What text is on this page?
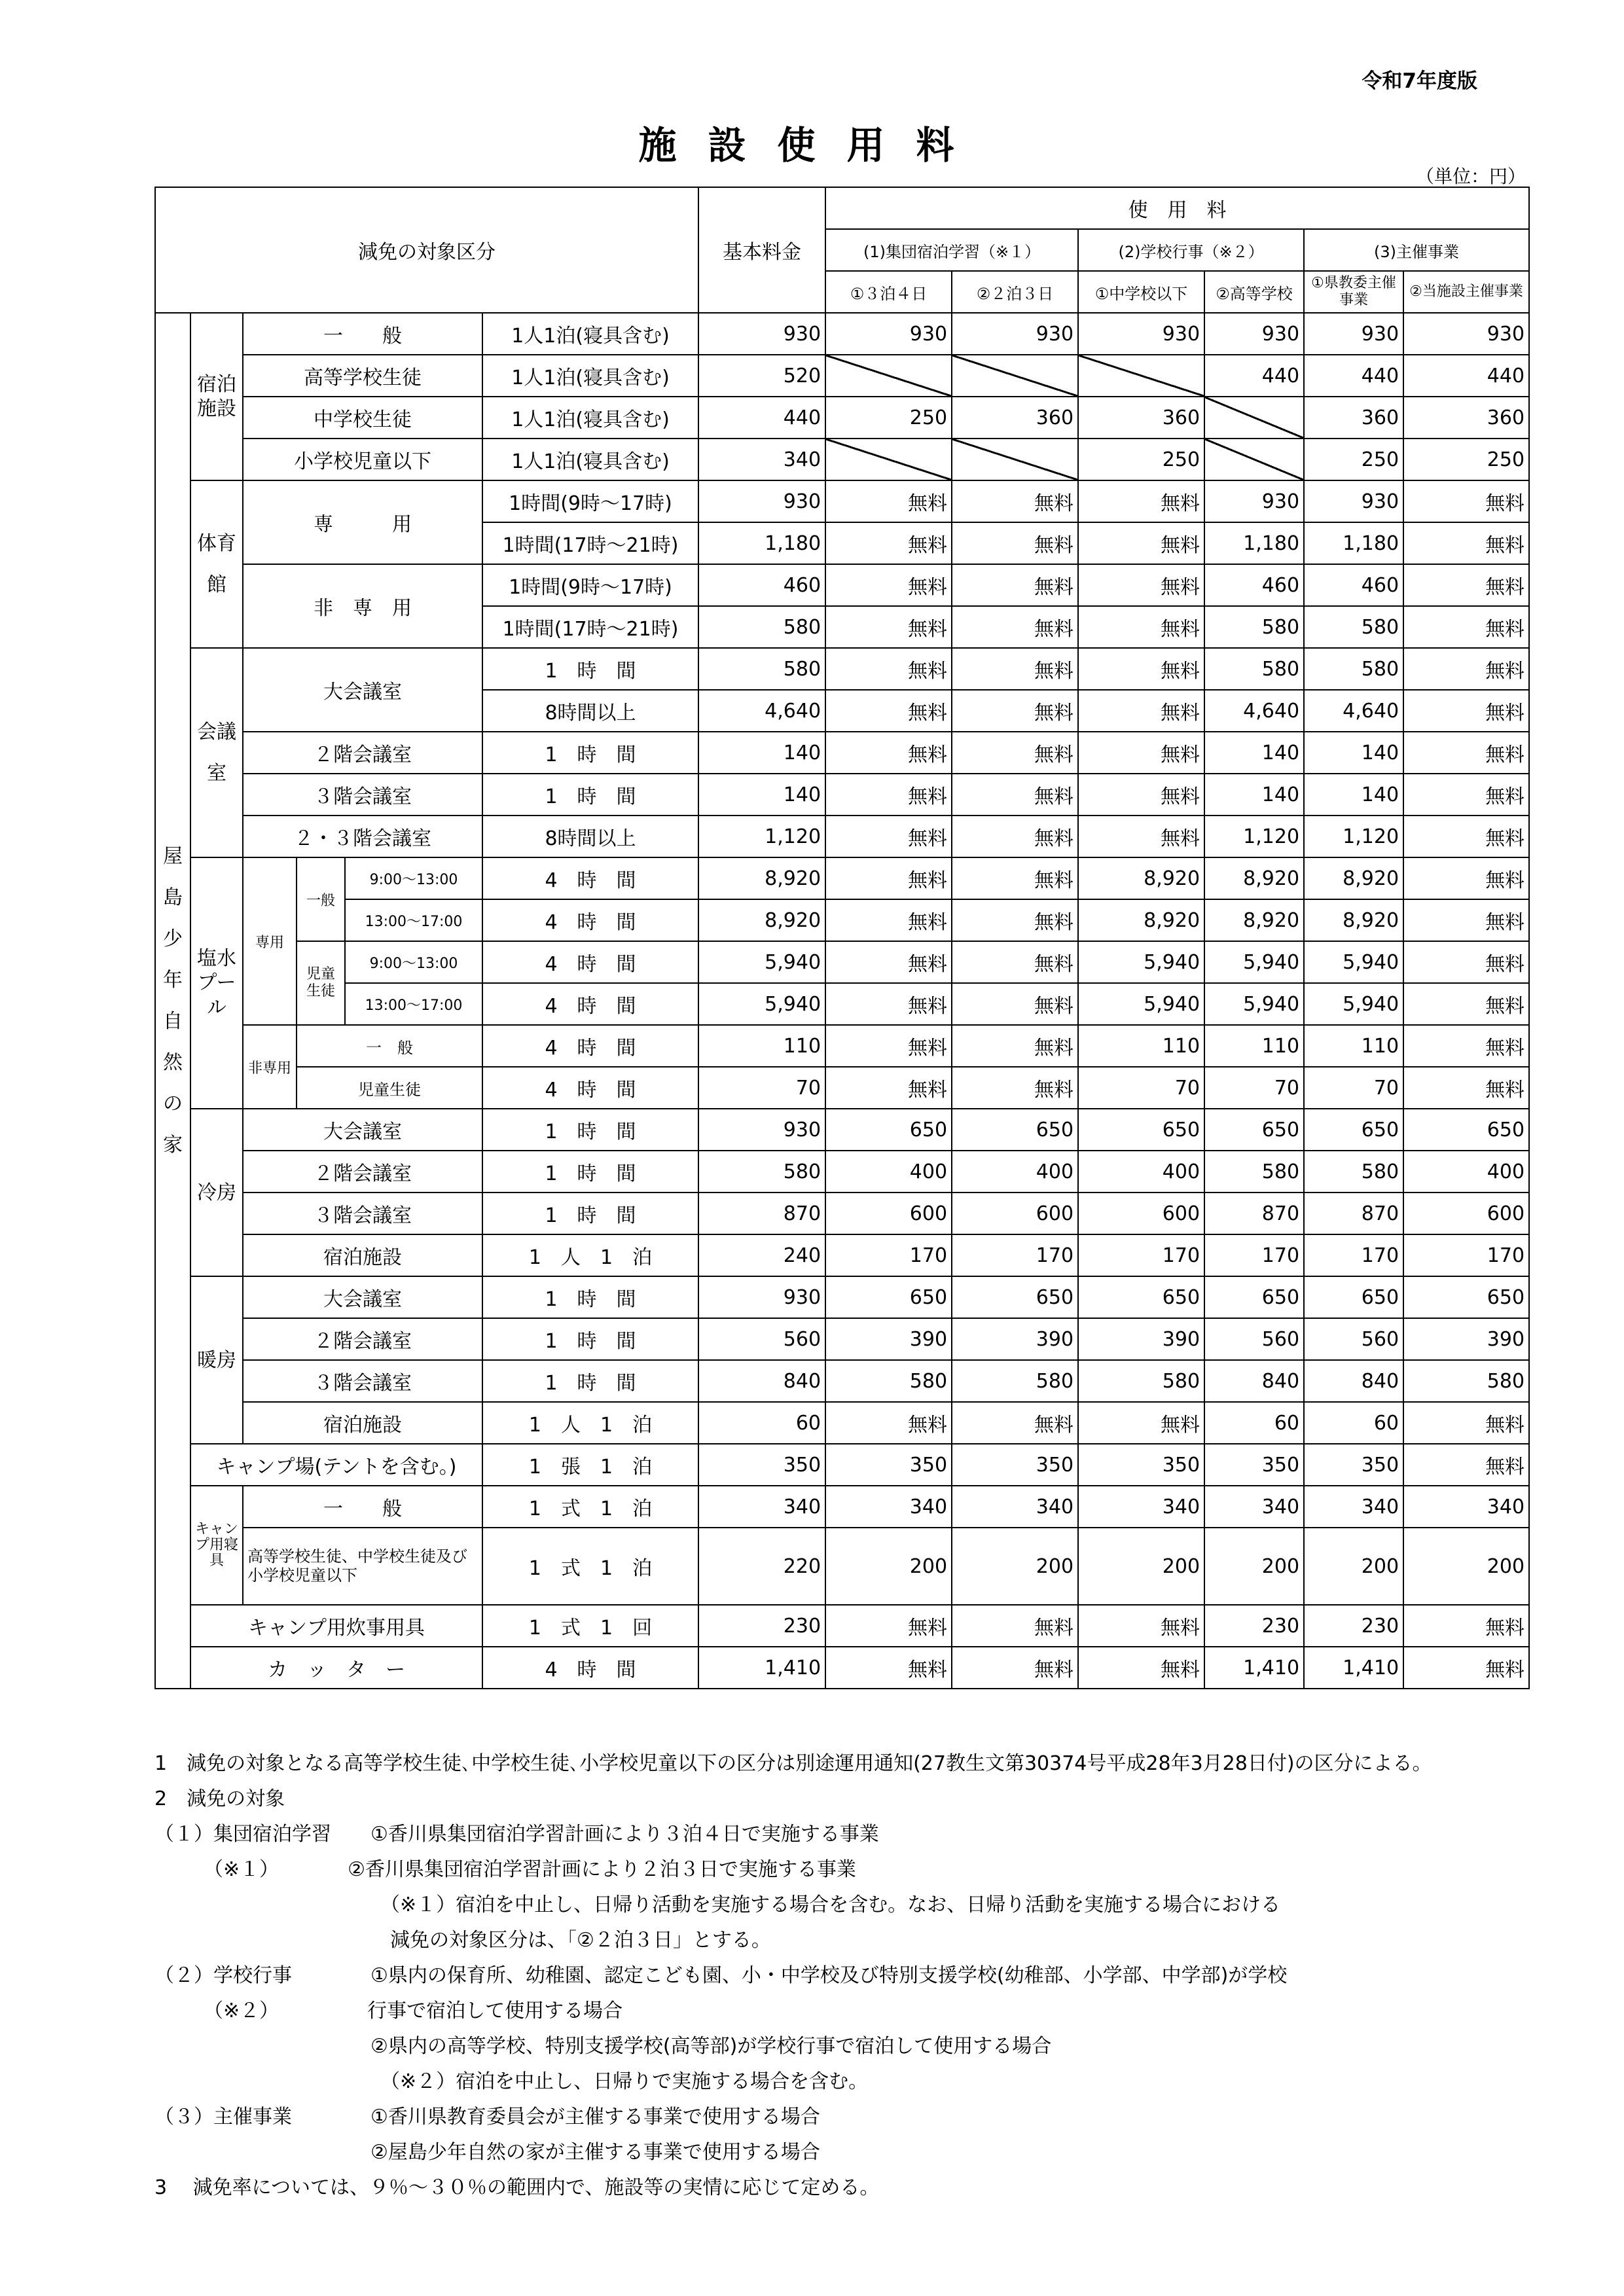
令和7年度版
施設使用料
（単位：円）
減免の対象区分						基本料金	使　用　料					
							(1)集団宿泊学習（※１）		(2)学校行事（※２）		(3)主催事業	
							①３泊４日	②２泊３日	①中学校以下	②高等学校	①県教委主催事業	②当施設主催事業
屋島少年自然の家	宿泊施設	一　　般			1人1泊(寝具含む)	930	930	930	930	930	930	930
		高等学校生徒			1人1泊(寝具含む)	520				440	440	440
		中学校生徒			1人1泊(寝具含む)	440	250	360	360		360	360
		小学校児童以下			1人1泊(寝具含む)	340			250		250	250
	体育館	専　　　用			1時間(9時～17時)	930	無料	無料	無料	930	930	無料
					1時間(17時～21時)	1,180	無料	無料	無料	1,180	1,180	無料
		非　専　用			1時間(9時～17時)	460	無料	無料	無料	460	460	無料
					1時間(17時～21時)	580	無料	無料	無料	580	580	無料
	会議室	大会議室			1　時　間	580	無料	無料	無料	580	580	無料
					8時間以上	4,640	無料	無料	無料	4,640	4,640	無料
		２階会議室			1　時　間	140	無料	無料	無料	140	140	無料
		３階会議室			1　時　間	140	無料	無料	無料	140	140	無料
		２・３階会議室			8時間以上	1,120	無料	無料	無料	1,120	1,120	無料
	塩水プール	専用	一般	9:00～13:00	4　時　間	8,920	無料	無料	8,920	8,920	8,920	無料
				13:00～17:00	4　時　間	8,920	無料	無料	8,920	8,920	8,920	無料
			児童生徒	9:00～13:00	4　時　間	5,940	無料	無料	5,940	5,940	5,940	無料
				13:00～17:00	4　時　間	5,940	無料	無料	5,940	5,940	5,940	無料
		非専用	一　般		4　時　間	110	無料	無料	110	110	110	無料
			児童生徒		4　時　間	70	無料	無料	70	70	70	無料
	冷房	大会議室			1　時　間	930	650	650	650	650	650	650
		２階会議室			1　時　間	580	400	400	400	580	580	400
		３階会議室			1　時　間	870	600	600	600	870	870	600
		宿泊施設			1　人　1　泊	240	170	170	170	170	170	170
	暖房	大会議室			1　時　間	930	650	650	650	650	650	650
		２階会議室			1　時　間	560	390	390	390	560	560	390
		３階会議室			1　時　間	840	580	580	580	840	840	580
		宿泊施設			1　人　1　泊	60	無料	無料	無料	60	60	無料
	キャンプ場(テントを含む。)				1　張　1　泊	350	350	350	350	350	350	無料
	キャンプ用寝具	一　　般			1　式　1　泊	340	340	340	340	340	340	340
		高等学校生徒、中学校生徒及び小学校児童以下			1　式　1　泊	220	200	200	200	200	200	200
	キャンプ用炊事用具				1　式　1　回	230	無料	無料	無料	230	230	無料
	カ　ッ　タ　ー				4　時　間	1,410	無料	無料	無料	1,410	1,410	無料
1　減免の対象となる高等学校生徒､中学校生徒､小学校児童以下の区分は別途運用通知(27教生文第30374号平成28年3月28日付)の区分による。
2　減免の対象
（１）集団宿泊学習　　①香川県集団宿泊学習計画により３泊４日で実施する事業
　　　（※１）　　　　②香川県集団宿泊学習計画により２泊３日で実施する事業
　　　　　　　　　　　　（※１）宿泊を中止し、日帰り活動を実施する場合を含む。なお、日帰り活動を実施する場合における
　　　　　　　　　　　　減免の対象区分は、「②２泊３日」とする。
（２）学校行事　　　　①県内の保育所、幼稚園、認定こども園、小・中学校及び特別支援学校(幼稚部、小学部、中学部)が学校
　　　（※２）　　　　　行事で宿泊して使用する場合
　　　　　　　　　　　②県内の高等学校、特別支援学校(高等部)が学校行事で宿泊して使用する場合
　　　　　　　　　　　　（※２）宿泊を中止し、日帰りで実施する場合を含む。
（３）主催事業　　　　①香川県教育委員会が主催する事業で使用する場合
　　　　　　　　　　　②屋島少年自然の家が主催する事業で使用する場合
3　 減免率については、９％～３０％の範囲内で、施設等の実情に応じて定める。
